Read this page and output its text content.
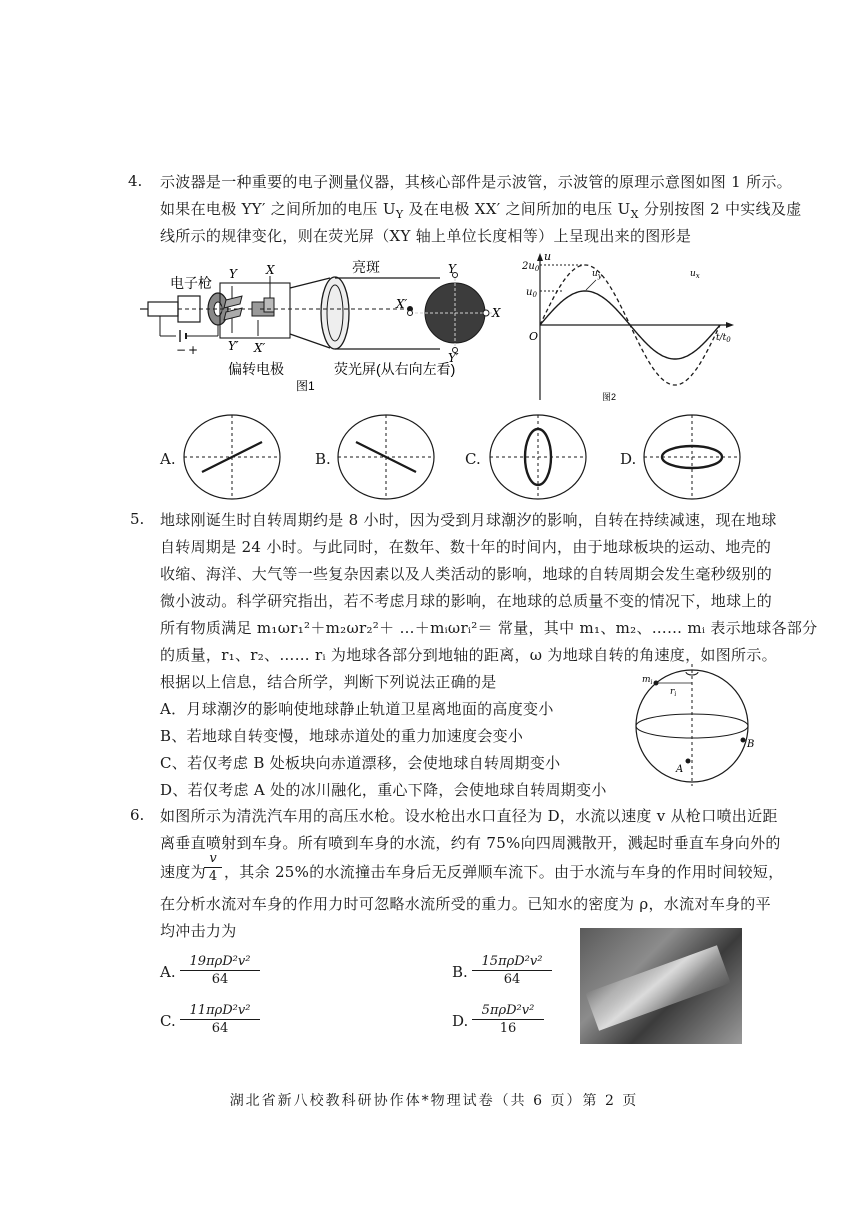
4. 示波器是一种重要的电子测量仪器，其核心部件是示波管，示波管的原理示意图如图 1 所示。
如果在电极 YY′ 之间所加的电压 $U_Y$ 及在电极 XX′ 之间所加的电压 $U_X$ 分别按图 2 中实线及虚
线所示的规律变化，则在荧光屏（XY 轴上单位长度相等）上呈现出来的图形是
电子枪
亮斑
偏转电极	荧光屏(从右向左看)
图1
Y
Y′
X
X′
Y
Y′
X
X′
− +
u
$2u_0$
$u_0$
O	$t/t_0$
$u_y$	$u_x$
图2
A.	B.	C.	D.
5. 地球刚诞生时自转周期约是 8 小时，因为受到月球潮汐的影响，自转在持续减速，现在地球
自转周期是 24 小时。与此同时，在数年、数十年的时间内，由于地球板块的运动、地壳的
收缩、海洋、大气等一些复杂因素以及人类活动的影响，地球的自转周期会发生毫秒级别的
微小波动。科学研究指出，若不考虑月球的影响，在地球的总质量不变的情况下，地球上的
所有物质满足 m₁ωr₁²＋m₂ωr₂²＋ …＋mᵢωrᵢ²＝ 常量，其中 m₁、m₂、…… mᵢ 表示地球各部分
的质量，r₁、r₂、…… rᵢ 为地球各部分到地轴的距离，ω 为地球自转的角速度，如图所示。
根据以上信息，结合所学，判断下列说法正确的是
A．月球潮汐的影响使地球静止轨道卫星离地面的高度变小
B、若地球自转变慢，地球赤道处的重力加速度会变小
C、若仅考虑 B 处板块向赤道漂移，会使地球自转周期变小
D、若仅考虑 A 处的冰川融化，重心下降，会使地球自转周期变小
$m_i$
$r_i$
B
A
6. 如图所示为清洗汽车用的高压水枪。设水枪出水口直径为 D，水流以速度 v 从枪口喷出近距
离垂直喷射到车身。所有喷到车身的水流，约有 75%向四周溅散开，溅起时垂直车身向外的
速度为
$\frac{v}{4}$ ，其余 25%的水流撞击车身后无反弹顺车流下。由于水流与车身的作用时间较短，
在分析水流对车身的作用力时可忽略水流所受的重力。已知水的密度为 ρ，水流对车身的平
均冲击力为
A.
19πρD²v²
64	B.
15πρD²v²
64
C.
11πρD²v²
64	D.
5πρD²v²
16
湖北省新八校教科研协作体*物理试卷（共 6 页）第 2 页
